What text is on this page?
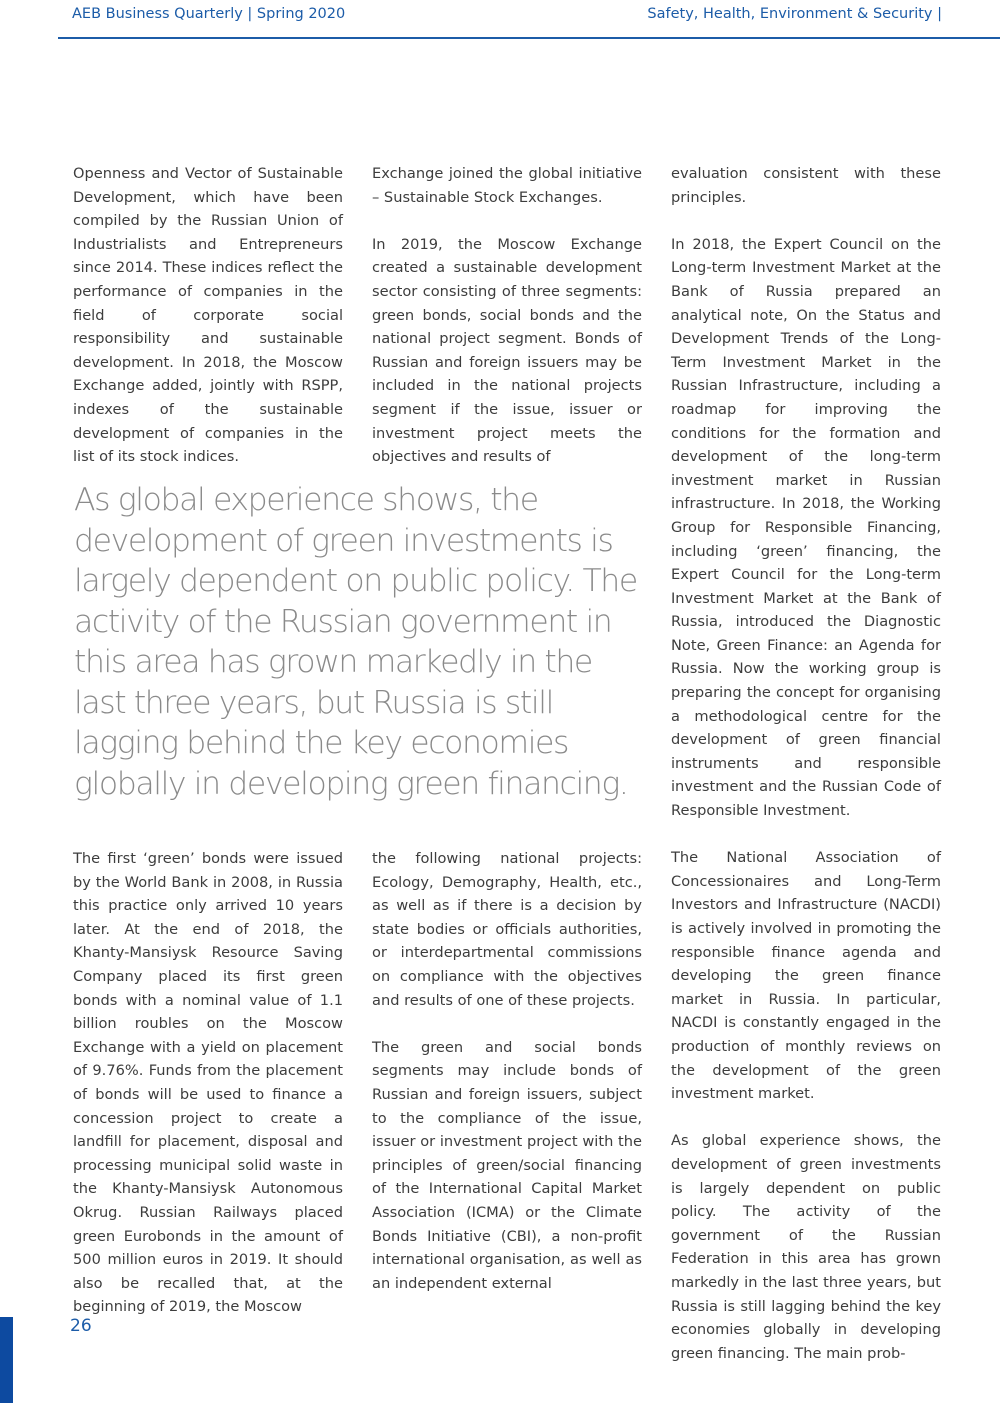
AEB Business Quarterly | Spring 2020	Safety, Health, Environment & Security |

Openness and Vector of Sustainable Development, which have been compiled by the Russian Union of Industrialists and Entrepreneurs since 2014. These indices reflect the performance of companies in the field of corporate social responsibility and sustainable development. In 2018, the Moscow Exchange added, jointly with RSPP, indexes of the sustainable development of companies in the list of its stock indices.

Exchange joined the global initiative – Sustainable Stock Exchanges.

In 2019, the Moscow Exchange created a sustainable development sector consisting of three segments: green bonds, social bonds and the national project segment. Bonds of Russian and foreign issuers may be included in the national projects segment if the issue, issuer or investment project meets the objectives and results of

evaluation consistent with these principles.

In 2018, the Expert Council on the Long-term Investment Market at the Bank of Russia prepared an analytical note, On the Status and Development Trends of the Long-Term Investment Market in the Russian Infrastructure, including a roadmap for improving the conditions for the formation and development of the long-term investment market in Russian infrastructure. In 2018, the Working Group for Responsible Financing, including ‘green’ financing, the Expert Council for the Long-term Investment Market at the Bank of Russia, introduced the Diagnostic Note, Green Finance: an Agenda for Russia. Now the working group is preparing the concept for organising a methodological centre for the development of green financial instruments and responsible investment and the Russian Code of Responsible Investment.

The National Association of Concessionaires and Long-Term Investors and Infrastructure (NACDI) is actively involved in promoting the responsible finance agenda and developing the green finance market in Russia. In particular, NACDI is constantly engaged in the production of monthly reviews on the development of the green investment market.

As global experience shows, the development of green investments is largely dependent on public policy. The activity of the government of the Russian Federation in this area has grown markedly in the last three years, but Russia is still lagging behind the key economies globally in developing green financing. The main prob-

As global experience shows, the development of green investments is largely dependent on public policy. The activity of the Russian government in this area has grown markedly in the last three years, but Russia is still lagging behind the key economies globally in developing green financing.

The first ‘green’ bonds were issued by the World Bank in 2008, in Russia this practice only arrived 10 years later. At the end of 2018, the Khanty-Mansiysk Resource Saving Company placed its first green bonds with a nominal value of 1.1 billion roubles on the Moscow Exchange with a yield on placement of 9.76%. Funds from the placement of bonds will be used to finance a concession project to create a landfill for placement, disposal and processing municipal solid waste in the Khanty-Mansiysk Autonomous Okrug. Russian Railways placed green Eurobonds in the amount of 500 million euros in 2019. It should also be recalled that, at the beginning of 2019, the Moscow

the following national projects: Ecology, Demography, Health, etc., as well as if there is a decision by state bodies or officials authorities, or interdepartmental commissions on compliance with the objectives and results of one of these projects.

The green and social bonds segments may include bonds of Russian and foreign issuers, subject to the compliance of the issue, issuer or investment project with the principles of green/social financing of the International Capital Market Association (ICMA) or the Climate Bonds Initiative (CBI), a non-profit international organisation, as well as an independent external

26
